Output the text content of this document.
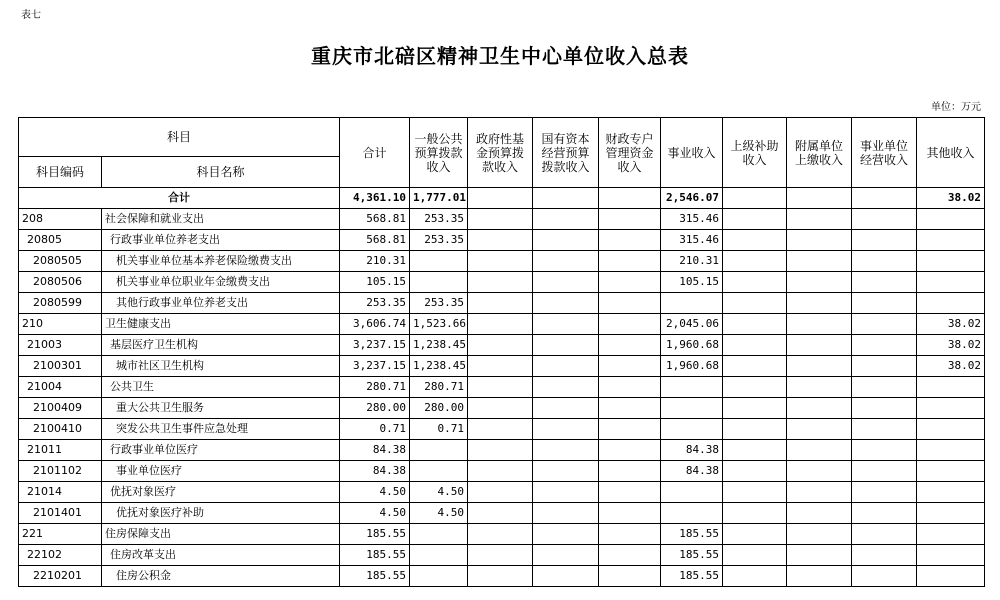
表七
重庆市北碚区精神卫生中心单位收入总表
单位：万元
科目		合计	一般公共预算拨款收入	政府性基金预算拨款收入	国有资本经营预算拨款收入	财政专户管理资金收入	事业收入	上级补助收入	附属单位上缴收入	事业单位经营收入	其他收入
科目编码	科目名称										
合计		4,361.10	1,777.01				2,546.07				38.02
208	社会保障和就业支出	568.81	253.35				315.46				
20805	行政事业单位养老支出	568.81	253.35				315.46				
2080505	机关事业单位基本养老保险缴费支出	210.31					210.31				
2080506	机关事业单位职业年金缴费支出	105.15					105.15				
2080599	其他行政事业单位养老支出	253.35	253.35								
210	卫生健康支出	3,606.74	1,523.66				2,045.06				38.02
21003	基层医疗卫生机构	3,237.15	1,238.45				1,960.68				38.02
2100301	城市社区卫生机构	3,237.15	1,238.45				1,960.68				38.02
21004	公共卫生	280.71	280.71								
2100409	重大公共卫生服务	280.00	280.00								
2100410	突发公共卫生事件应急处理	0.71	0.71								
21011	行政事业单位医疗	84.38					84.38				
2101102	事业单位医疗	84.38					84.38				
21014	优抚对象医疗	4.50	4.50								
2101401	优抚对象医疗补助	4.50	4.50								
221	住房保障支出	185.55					185.55				
22102	住房改革支出	185.55					185.55				
2210201	住房公积金	185.55					185.55				
